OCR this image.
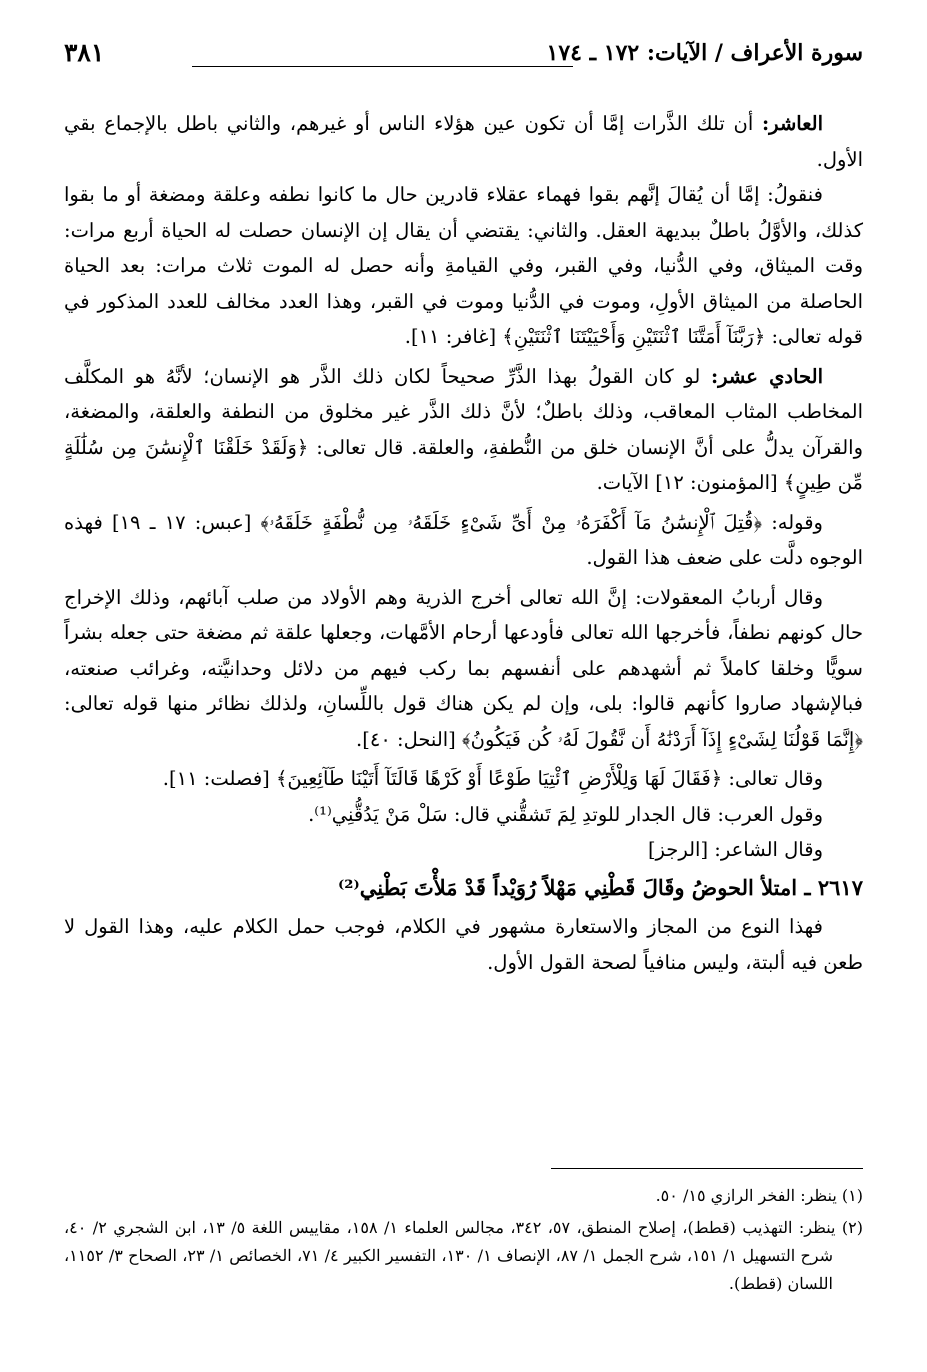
سورة الأعراف / الآيات: ١٧٢ ـ ١٧٤
٣٨١

العاشر: أن تلك الذَّرات إمَّا أن تكون عين هؤلاء الناس أو غيرهم، والثاني باطل بالإجماع بقي الأول.

فنقولُ: إمَّا أن يُقالَ إنَّهم بقوا فهماء عقلاء قادرين حال ما كانوا نطفه وعلقة ومضغة أو ما بقوا كذلك، والأوَّلُ باطلٌ ببديهة العقل. والثاني: يقتضي أن يقال إن الإنسان حصلت له الحياة أربع مرات: وقت الميثاق، وفي الدُّنيا، وفي القبر، وفي القيامةِ وأنه حصل له الموت ثلاث مرات: بعد الحياة الحاصلة من الميثاق الأولِ، وموت في الدُّنيا وموت في القبر، وهذا العدد مخالف للعدد المذكور في قوله تعالى: ﴿رَبَّنَآ أَمَتَّنَا ٱثْنَتَيْنِ وَأَحْيَيْتَنَا ٱثْنَتَيْنِ﴾ [غافر: ١١].

الحادي عشر: لو كان القولُ بهذا الذَّرِّ صحيحاً لكان ذلك الذَّر هو الإنسان؛ لأنَّهُ هو المكلَّف المخاطب المثاب المعاقب، وذلك باطلٌ؛ لأنَّ ذلك الذَّر غير مخلوق من النطفة والعلقة، والمضغة، والقرآن يدلُّ على أنَّ الإنسان خلق من النُّطفةِ، والعلقة. قال تعالى: ﴿وَلَقَدْ خَلَقْنَا ٱلْإِنسَٰنَ مِن سُلَٰلَةٍ مِّن طِينٍ﴾ [المؤمنون: ١٢] الآيات.

وقوله: ﴿قُتِلَ ٱلْإِنسَٰنُ مَآ أَكْفَرَهُۥ مِنْ أَىِّ شَىْءٍ خَلَقَهُۥ مِن نُّطْفَةٍ خَلَقَهُۥ﴾ [عبس: ١٧ ـ ١٩] فهذه الوجوه دلَّت على ضعف هذا القول.

وقال أربابُ المعقولات: إنَّ الله تعالى أخرج الذرية وهم الأولاد من صلب آبائهم، وذلك الإخراج حال كونهم نطفاً، فأخرجها الله تعالى فأودعها أرحام الأمَّهات، وجعلها علقة ثم مضغة حتى جعله بشراً سويًّا وخلقا كاملاً ثم أشهدهم على أنفسهم بما ركب فيهم من دلائل وحدانيَّته، وغرائب صنعته، فبالإشهاد صاروا كأنهم قالوا: بلى، وإن لم يكن هناك قول باللِّسانِ، ولذلك نظائر منها قوله تعالى: ﴿إِنَّمَا قَوْلُنَا لِشَىْءٍ إِذَآ أَرَدْنَٰهُ أَن نَّقُولَ لَهُۥ كُن فَيَكُونُ﴾ [النحل: ٤٠].

وقال تعالى: ﴿فَقَالَ لَهَا وَلِلْأَرْضِ ٱئْتِيَا طَوْعًا أَوْ كَرْهًا قَالَتَآ أَتَيْنَا طَآئِعِينَ﴾ [فصلت: ١١].

وقول العرب: قال الجدار للوتدِ لِمَ تَشقُّني قال: سَلْ مَنْ يَدُقُّنِي⁽¹⁾.

وقال الشاعر: [الرجز]

٢٦١٧ ـ امتلأ الحوضُ وقَالَ قَطْنِي مَهْلاً رُوَيْداً قَدْ مَلأْتَ بَطْنِي⁽²⁾

فهذا النوع من المجاز والاستعارة مشهور في الكلام، فوجب حمل الكلام عليه، وهذا القول لا طعن فيه ألبتة، وليس منافياً لصحة القول الأول.

(١) ينظر: الفخر الرازي ١٥/ ٥٠.

(٢) ينظر: التهذيب (قطط)، إصلاح المنطق، ٥٧، ٣٤٢، مجالس العلماء ١/ ١٥٨، مقاييس اللغة ٥/ ١٣، ابن الشجري ٢/ ٤٠، شرح التسهيل ١/ ١٥١، شرح الجمل ١/ ٨٧، الإنصاف ١/ ١٣٠، التفسير الكبير ٤/ ٧١، الخصائص ١/ ٢٣، الصحاح ٣/ ١١٥٢، اللسان (قطط).
